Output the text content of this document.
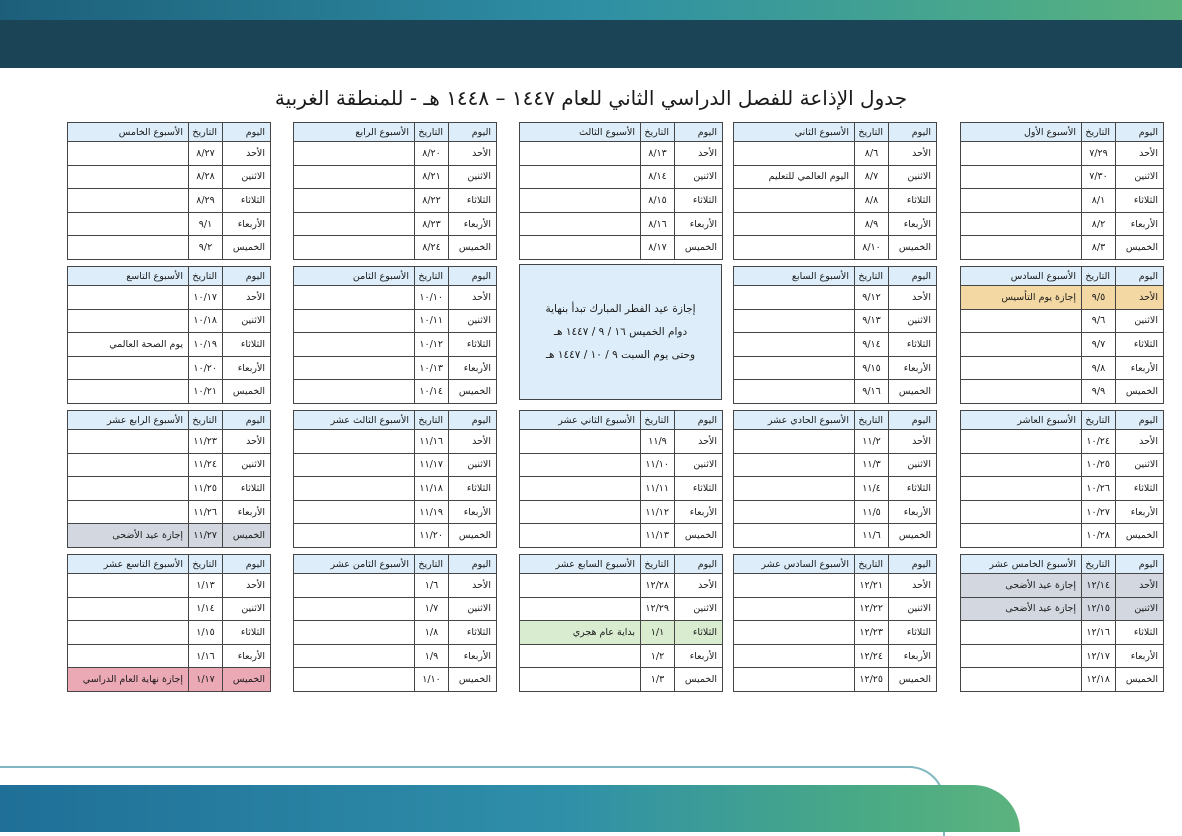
جدول الإذاعة للفصل الدراسي الثاني للعام ١٤٤٧ – ١٤٤٨ هـ - للمنطقة الغربية
اليوم	التاريخ	الأسبوع الأول
الأحد	٧/٢٩	
الاثنين	٧/٣٠	
الثلاثاء	٨/١	
الأربعاء	٨/٢	
الخميس	٨/٣	
اليوم	التاريخ	الأسبوع الثاني
الأحد	٨/٦	
الاثنين	٨/٧	اليوم العالمي للتعليم
الثلاثاء	٨/٨	
الأربعاء	٨/٩	
الخميس	٨/١٠	
اليوم	التاريخ	الأسبوع الثالث
الأحد	٨/١٣	
الاثنين	٨/١٤	
الثلاثاء	٨/١٥	
الأربعاء	٨/١٦	
الخميس	٨/١٧	
اليوم	التاريخ	الأسبوع الرابع
الأحد	٨/٢٠	
الاثنين	٨/٢١	
الثلاثاء	٨/٢٢	
الأربعاء	٨/٢٣	
الخميس	٨/٢٤	
اليوم	التاريخ	الأسبوع الخامس
الأحد	٨/٢٧	
الاثنين	٨/٢٨	
الثلاثاء	٨/٢٩	
الأربعاء	٩/١	
الخميس	٩/٢	
اليوم	التاريخ	الأسبوع السادس
الأحد	٩/٥	إجازة يوم التأسيس
الاثنين	٩/٦	
الثلاثاء	٩/٧	
الأربعاء	٩/٨	
الخميس	٩/٩	
اليوم	التاريخ	الأسبوع السابع
الأحد	٩/١٢	
الاثنين	٩/١٣	
الثلاثاء	٩/١٤	
الأربعاء	٩/١٥	
الخميس	٩/١٦	
اليوم	التاريخ	الأسبوع الثامن
الأحد	١٠/١٠	
الاثنين	١٠/١١	
الثلاثاء	١٠/١٢	
الأربعاء	١٠/١٣	
الخميس	١٠/١٤	
اليوم	التاريخ	الأسبوع التاسع
الأحد	١٠/١٧	
الاثنين	١٠/١٨	
الثلاثاء	١٠/١٩	يوم الصحة العالمي
الأربعاء	١٠/٢٠	
الخميس	١٠/٢١	
اليوم	التاريخ	الأسبوع العاشر
الأحد	١٠/٢٤	
الاثنين	١٠/٢٥	
الثلاثاء	١٠/٢٦	
الأربعاء	١٠/٢٧	
الخميس	١٠/٢٨	
اليوم	التاريخ	الأسبوع الحادي عشر
الأحد	١١/٢	
الاثنين	١١/٣	
الثلاثاء	١١/٤	
الأربعاء	١١/٥	
الخميس	١١/٦	
اليوم	التاريخ	الأسبوع الثاني عشر
الأحد	١١/٩	
الاثنين	١١/١٠	
الثلاثاء	١١/١١	
الأربعاء	١١/١٢	
الخميس	١١/١٣	
اليوم	التاريخ	الأسبوع الثالث عشر
الأحد	١١/١٦	
الاثنين	١١/١٧	
الثلاثاء	١١/١٨	
الأربعاء	١١/١٩	
الخميس	١١/٢٠	
اليوم	التاريخ	الأسبوع الرابع عشر
الأحد	١١/٢٣	
الاثنين	١١/٢٤	
الثلاثاء	١١/٢٥	
الأربعاء	١١/٢٦	
الخميس	١١/٢٧	إجازة عيد الأضحى
اليوم	التاريخ	الأسبوع الخامس عشر
الأحد	١٢/١٤	إجازة عيد الأضحى
الاثنين	١٢/١٥	إجازة عيد الأضحى
الثلاثاء	١٢/١٦	
الأربعاء	١٢/١٧	
الخميس	١٢/١٨	
اليوم	التاريخ	الأسبوع السادس عشر
الأحد	١٢/٢١	
الاثنين	١٢/٢٢	
الثلاثاء	١٢/٢٣	
الأربعاء	١٢/٢٤	
الخميس	١٢/٢٥	
اليوم	التاريخ	الأسبوع السابع عشر
الأحد	١٢/٢٨	
الاثنين	١٢/٢٩	
الثلاثاء	١/١	بداية عام هجري
الأربعاء	١/٢	
الخميس	١/٣	
اليوم	التاريخ	الأسبوع الثامن عشر
الأحد	١/٦	
الاثنين	١/٧	
الثلاثاء	١/٨	
الأربعاء	١/٩	
الخميس	١/١٠	
اليوم	التاريخ	الأسبوع التاسع عشر
الأحد	١/١٣	
الاثنين	١/١٤	
الثلاثاء	١/١٥	
الأربعاء	١/١٦	
الخميس	١/١٧	إجازة نهاية العام الدراسي
إجازة عيد الفطر المبارك تبدأ بنهاية
دوام الخميس ١٦ / ٩ / ١٤٤٧ هـ
وحتى يوم السبت ٩ / ١٠ / ١٤٤٧ هـ
